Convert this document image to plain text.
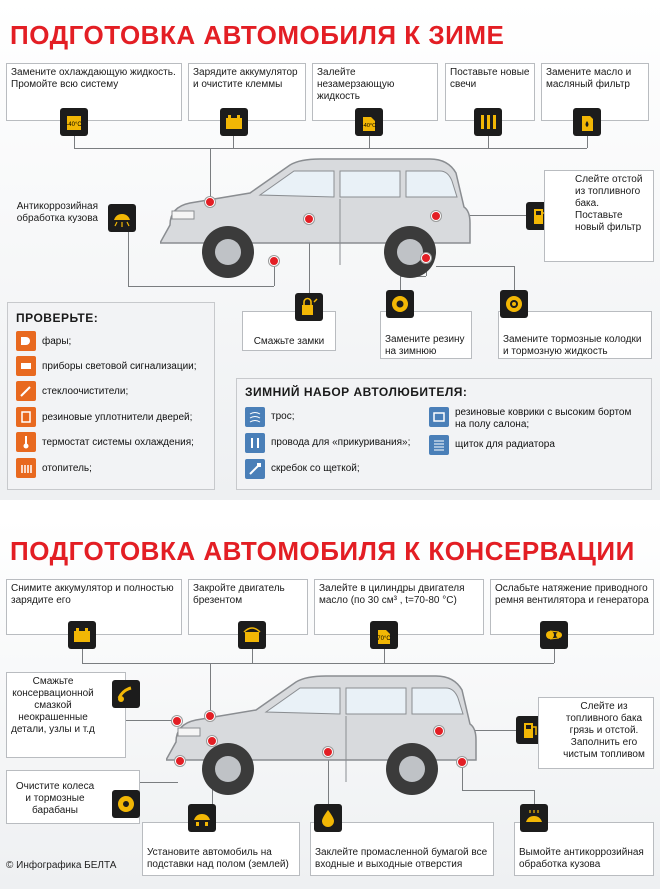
ПОДГОТОВКА АВТОМОБИЛЯ К ЗИМЕ
Замените охлаждающую жидкость. Промойте всю систему
Зарядите аккумулятор и очистите клеммы
Залейте незамерзающую жидкость
Поставьте новые свечи
Замените масло и масляный фильтр
-40°C	-40°C
Антикоррозийная обработка кузова
Слейте отстой из топливного бака. Поставьте новый фильтр
Смажьте замки	Замените резину на зимнюю
Замените тормозные колодки и тормозную жидкость
ПРОВЕРЬТЕ:
фары;
приборы световой сигнализации;
стеклоочистители;
резиновые уплотнители дверей;
термостат системы охлаждения;
отопитель;
ЗИМНИЙ НАБОР АВТОЛЮБИТЕЛЯ:
трос;
провода для «прикуривания»;
скребок со щеткой;
резиновые коврики с высоким бортом на полу салона;
щиток для радиатора
ПОДГОТОВКА АВТОМОБИЛЯ К КОНСЕРВАЦИИ
Снимите аккумулятор и полностью зарядите его
Закройте двигатель брезентом
Залейте в цилиндры двигателя масло (по 30 см³ , t=70-80 °С)
Ослабьте натяжение приводного ремня вентилятора и генератора
70°C
Смажьте консервационной смазкой неокрашенные детали, узлы и т.д
Слейте из топливного бака грязь и отстой. Заполнить его чистым топливом
Очистите колеса и тормозные барабаны
Установите автомобиль на подставки над полом (землей)
Заклейте промасленной бумагой все входные и выходные отверстия
Вымойте антикоррозийная обработка кузова
© Инфографика БЕЛТА
